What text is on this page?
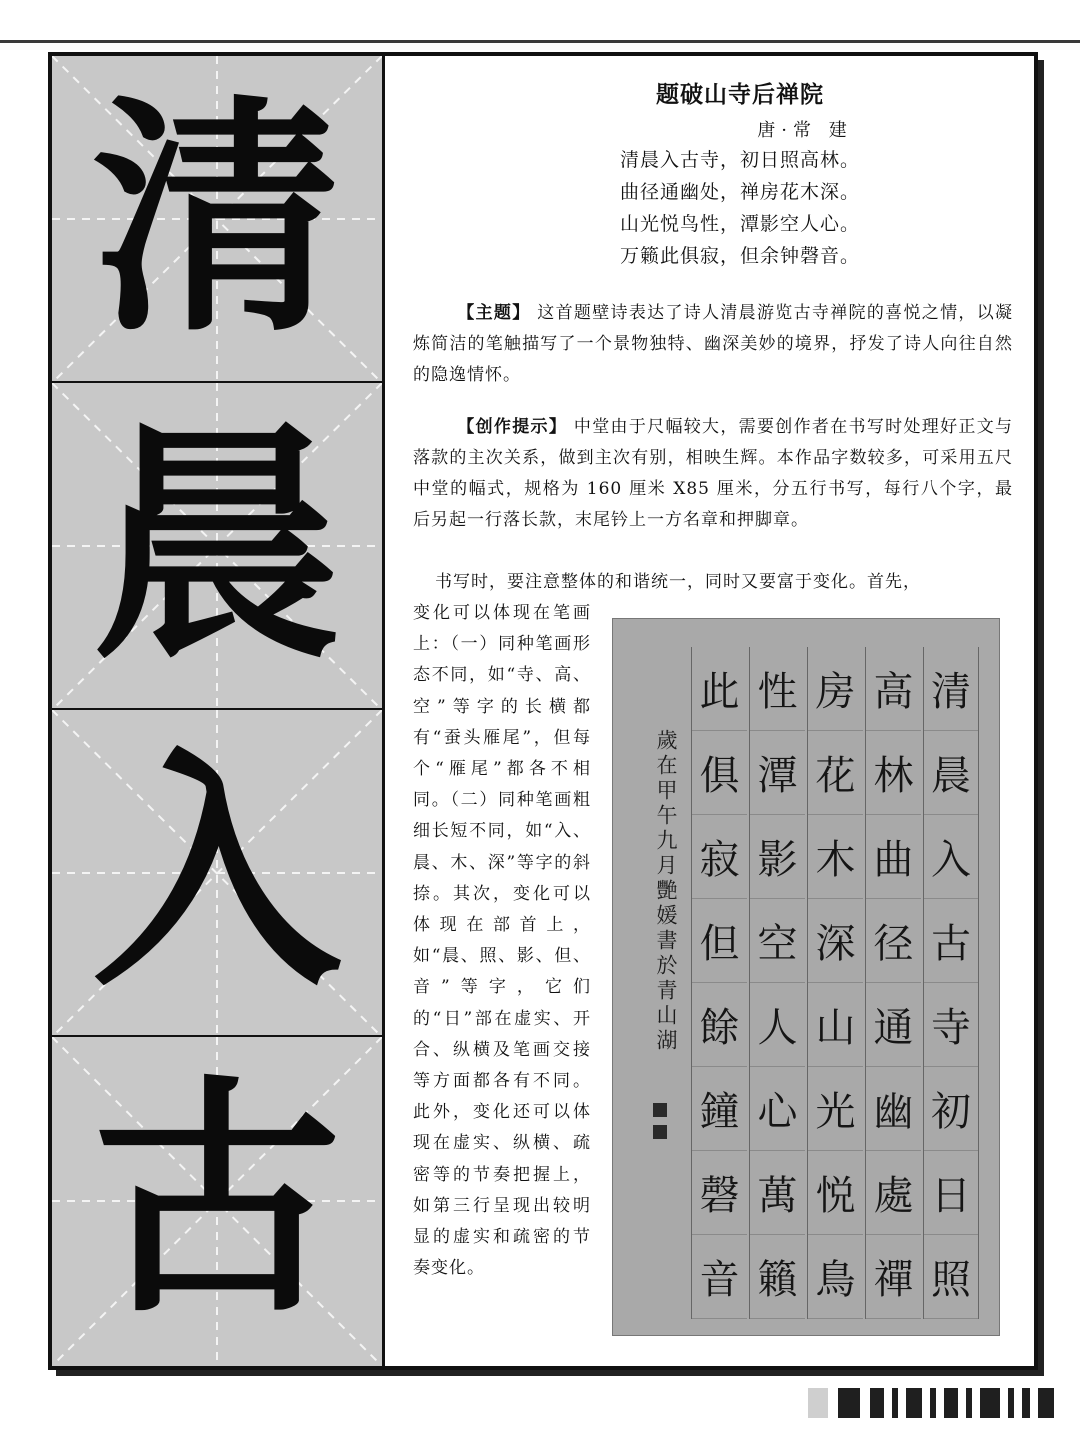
清
晨
入
古
题破山寺后禅院
唐·常 建
清晨入古寺，初日照高林。
曲径通幽处，禅房花木深。
山光悦鸟性，潭影空人心。
万籁此俱寂，但余钟磬音。
【主题】 这首题壁诗表达了诗人清晨游览古寺禅院的喜悦之情，以凝炼简洁的笔触描写了一个景物独特、幽深美妙的境界，抒发了诗人向往自然的隐逸情怀。
【创作提示】 中堂由于尺幅较大，需要创作者在书写时处理好正文与落款的主次关系，做到主次有别，相映生辉。本作品字数较多，可采用五尺中堂的幅式，规格为 160 厘米 X85 厘米，分五行书写，每行八个字，最后另起一行落长款，末尾钤上一方名章和押脚章。
书写时，要注意整体的和谐统一，同时又要富于变化。首先，
变化可以体现在笔画上：（一）同种笔画形态不同，如“寺、高、空”等字的长横都有“蚕头雁尾”，但每个“雁尾”都各不相同。（二）同种笔画粗细长短不同，如“入、晨、木、深”等字的斜捺。其次，变化可以体现在部首上，如“晨、照、影、但、音”等字，它们的“日”部在虚实、开合、纵横及笔画交接等方面都各有不同。此外，变化还可以体现在虚实、纵横、疏密等的节奏把握上，如第三行呈现出较明显的虚实和疏密的节奏变化。
清
晨
入
古
寺
初
日
照
高
林
曲
径
通
幽
處
禪
房
花
木
深
山
光
悦
鳥
性
潭
影
空
人
心
萬
籟
此
俱
寂
但
餘
鐘
磬
音
歲在甲午九月艷媛書於青山湖
